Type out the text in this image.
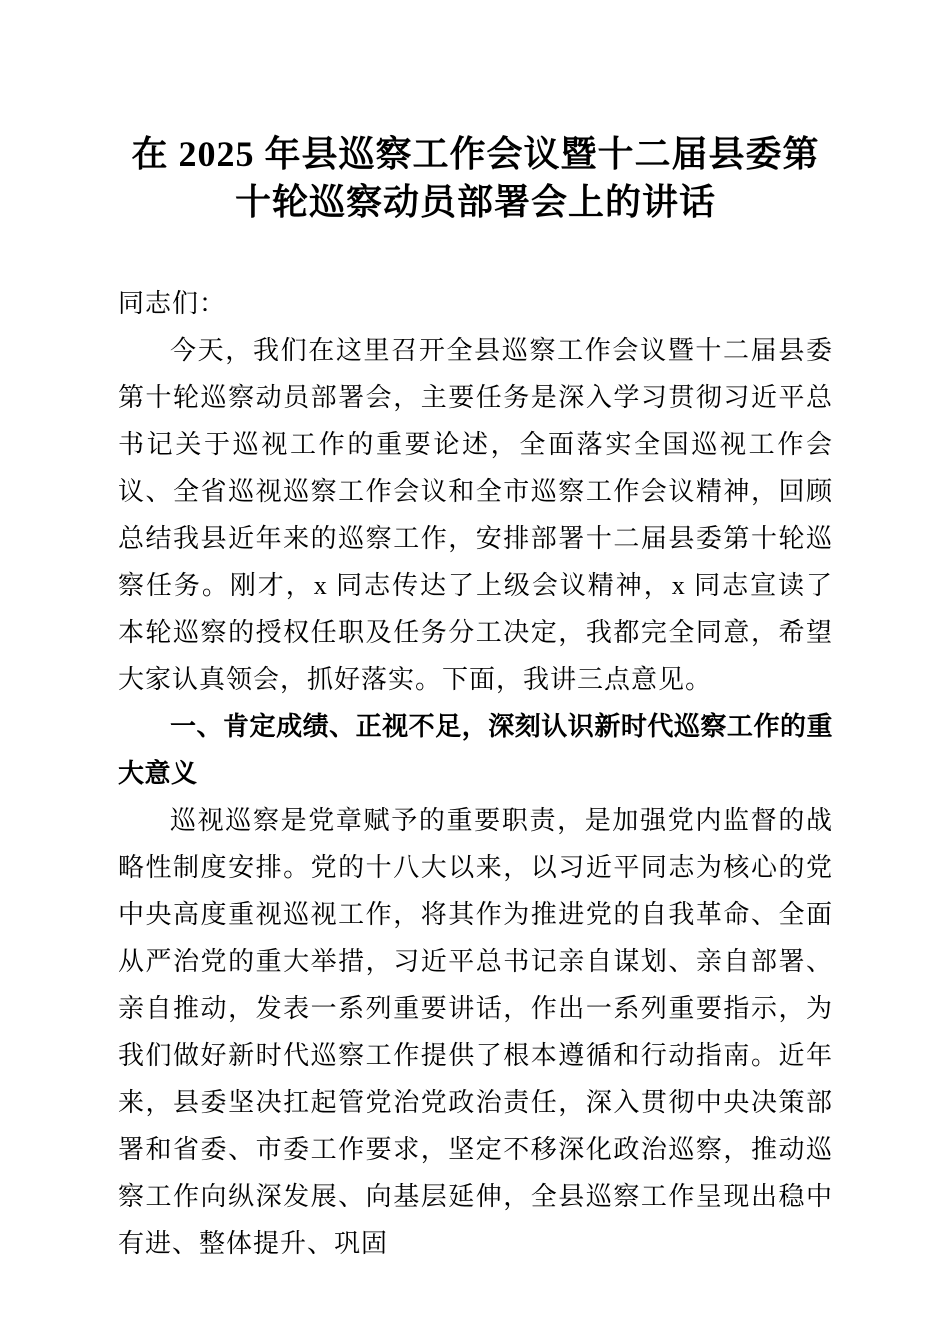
在 2025 年县巡察工作会议暨十二届县委第十轮巡察动员部署会上的讲话

同志们：

今天，我们在这里召开全县巡察工作会议暨十二届县委第十轮巡察动员部署会，主要任务是深入学习贯彻习近平总书记关于巡视工作的重要论述，全面落实全国巡视工作会议、全省巡视巡察工作会议和全市巡察工作会议精神，回顾总结我县近年来的巡察工作，安排部署十二届县委第十轮巡察任务。刚才，x 同志传达了上级会议精神，x 同志宣读了本轮巡察的授权任职及任务分工决定，我都完全同意，希望大家认真领会，抓好落实。下面，我讲三点意见。

一、肯定成绩、正视不足，深刻认识新时代巡察工作的重大意义

巡视巡察是党章赋予的重要职责，是加强党内监督的战略性制度安排。党的十八大以来，以习近平同志为核心的党中央高度重视巡视工作，将其作为推进党的自我革命、全面从严治党的重大举措，习近平总书记亲自谋划、亲自部署、亲自推动，发表一系列重要讲话，作出一系列重要指示，为我们做好新时代巡察工作提供了根本遵循和行动指南。近年来，县委坚决扛起管党治党政治责任，深入贯彻中央决策部署和省委、市委工作要求，坚定不移深化政治巡察，推动巡察工作向纵深发展、向基层延伸，全县巡察工作呈现出稳中有进、整体提升、巩固
